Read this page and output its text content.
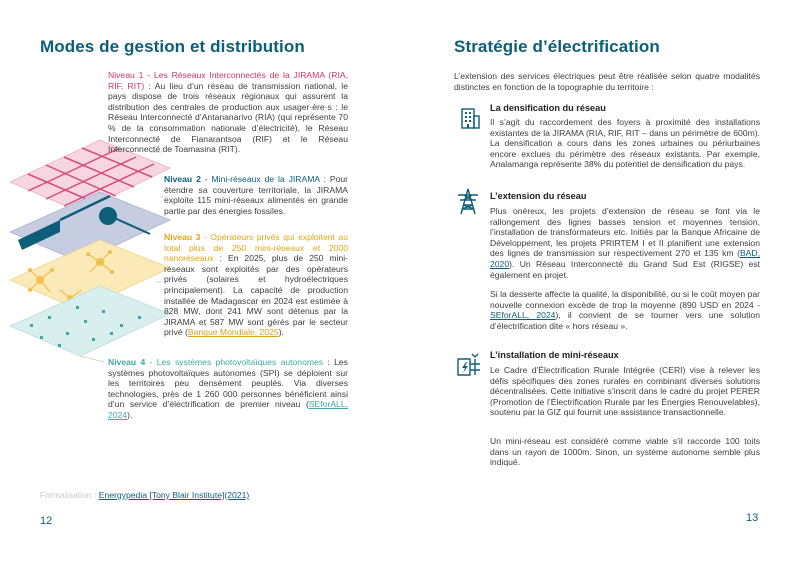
Modes de gestion et distribution
Niveau 1 - Les Réseaux Interconnectés de la JIRAMA (RIA, RIF, RIT) : Au lieu d’un réseau de transmission national, le pays dispose de trois réseaux régionaux qui assurent la distribution des centrales de production aux usager·ère·s : le Réseau Interconnecté d’Antananarivo (RIA) (qui représente 70 % de la consommation nationale d’électricité), le Réseau Interconnecté de Fianarantsoa (RIF) et le Réseau Interconnecté de Toamasina (RIT).
Niveau 2 - Mini-réseaux de la JIRAMA : Pour étendre sa couverture territoriale, la JIRAMA exploite 115 mini-réseaux alimentés en grande partie par des énergies fossiles.
Niveau 3 - Opérateurs privés qui exploitent au total plus de 250 mini-réseaux et 2000 nanoréseaux : En 2025, plus de 250 mini-réseaux sont exploités par des opérateurs privés (solaires et hydroélectriques principalement). La capacité de production installée de Madagascar en 2024 est estimée à 828 MW, dont 241 MW sont détenus par la JIRAMA et 587 MW sont gérés par le secteur privé (Banque Mondiale, 2025).
Niveau 4 - Les systèmes photovoltaïques autonomes : Les systèmes photovoltaïques autonomes (SPI) se déploient sur les territoires peu densément peuplés. Via diverses technologies, près de 1 260 000 personnes bénéficient ainsi d’un service d’électrification de premier niveau (SEforALL, 2024).
Formalisation : Energypedia [Tony Blair Institute](2021)
12
Stratégie d’électrification
L’extension des services électriques peut être réalisée selon quatre modalités distinctes en fonction de la topographie du territoire :
La densification du réseau
Il s’agit du raccordement des foyers à proximité des installations existantes de la JIRAMA (RIA, RIF, RIT – dans un périmètre de 600m). La densification a cours dans les zones urbaines ou périurbaines encore exclues du périmètre des réseaux existants. Par exemple, Analamanga représente 38% du potentiel de densification du pays.
L’extension du réseau
Plus onéreux, les projets d’extension de réseau se font via le rallongement des lignes basses tension et moyennes tension, l’installation de transformateurs etc. Initiés par la Banque Africaine de Développement, les projets PRIRTEM I et II planifient une extension des lignes de transmission sur respectivement 270 et 135 km (BAD, 2020). Un Réseau Interconnecté du Grand Sud Est (RIGSE) est également en projet.
Si la desserte affecte la qualité, la disponibilité, ou si le coût moyen par nouvelle connexion excède de trop la moyenne (890 USD en 2024 - SEforALL, 2024), il convient de se tourner vers une solution d’électrification dite « hors réseau ».
L’installation de mini-réseaux
Le Cadre d’Électrification Rurale Intégrée (CERI) vise à relever les défis spécifiques des zones rurales en combinant diverses solutions décentralisées. Cette initiative s’inscrit dans le cadre du projet PERER (Promotion de l’Électrification Rurale par les Énergies Renouvelables), soutenu par la GIZ qui fournit une assistance transactionnelle.
Un mini-réseau est considéré comme viable s’il raccorde 100 toits dans un rayon de 1000m. Sinon, un système autonome semble plus indiqué.
13
